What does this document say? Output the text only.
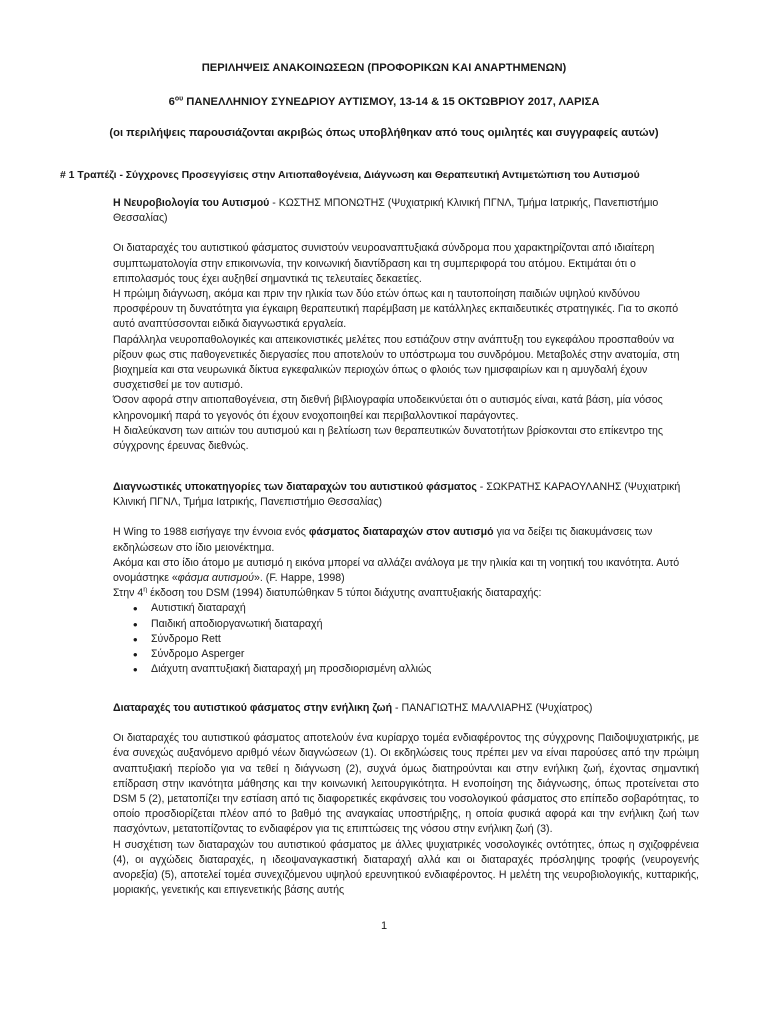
ΠΕΡΙΛΗΨΕΙΣ ΑΝΑΚΟΙΝΩΣΕΩΝ (ΠΡΟΦΟΡΙΚΩΝ ΚΑΙ ΑΝΑΡΤΗΜΕΝΩΝ)
$6^{o\upsilon}$ ΠΑΝΕΛΛΗΝΙΟΥ ΣΥΝΕΔΡΙΟΥ ΑΥΤΙΣΜΟΥ, 13-14 & 15 ΟΚΤΩΒΡΙΟΥ 2017, ΛΑΡΙΣΑ
(οι περιλήψεις παρουσιάζονται ακριβώς όπως υποβλήθηκαν από τους ομιλητές και συγγραφείς αυτών)
# 1 Τραπέζι - Σύγχρονες Προσεγγίσεις στην Αιτιοπαθογένεια, Διάγνωση και Θεραπευτική Αντιμετώπιση του Αυτισμού

Η Νευροβιολογία του Αυτισμού - ΚΩΣΤΗΣ ΜΠΟΝΩΤΗΣ (Ψυχιατρική Κλινική ΠΓΝΛ, Τμήμα Ιατρικής, Πανεπιστήμιο Θεσσαλίας)

Οι διαταραχές του αυτιστικού φάσματος συνιστούν νευροαναπτυξιακά σύνδρομα που χαρακτηρίζονται από ιδιαίτερη συμπτωματολογία στην επικοινωνία, την κοινωνική διαντίδραση και τη συμπεριφορά του ατόμου. Εκτιμάται ότι ο επιπολασμός τους έχει αυξηθεί σημαντικά τις τελευταίες δεκαετίες.

Η πρώιμη διάγνωση, ακόμα και πριν την ηλικία των δύο ετών όπως και η ταυτοποίηση παιδιών υψηλού κινδύνου προσφέρουν τη δυνατότητα για έγκαιρη θεραπευτική παρέμβαση με κατάλληλες εκπαιδευτικές στρατηγικές. Για το σκοπό αυτό αναπτύσσονται ειδικά διαγνωστικά εργαλεία.

Παράλληλα νευροπαθολογικές και απεικονιστικές μελέτες που εστιάζουν στην ανάπτυξη του εγκεφάλου προσπαθούν να ρίξουν φως στις παθογενετικές διεργασίες που αποτελούν το υπόστρωμα του συνδρόμου. Μεταβολές στην ανατομία, στη βιοχημεία και στα νευρωνικά δίκτυα εγκεφαλικών περιοχών όπως ο φλοιός των ημισφαιρίων και η αμυγδαλή έχουν συσχετισθεί με τον αυτισμό.

Όσον αφορά στην αιτιοπαθογένεια, στη διεθνή βιβλιογραφία υποδεικνύεται ότι ο αυτισμός είναι, κατά βάση, μία νόσος κληρονομική παρά το γεγονός ότι έχουν ενοχοποιηθεί και περιβαλλοντικοί παράγοντες.

Η διαλεύκανση των αιτιών του αυτισμού και η βελτίωση των θεραπευτικών δυνατοτήτων βρίσκονται στο επίκεντρο της σύγχρονης έρευνας διεθνώς.

Διαγνωστικές υποκατηγορίες των διαταραχών του αυτιστικού φάσματος - ΣΩΚΡΑΤΗΣ ΚΑΡΑΟΥΛΑΝΗΣ (Ψυχιατρική Κλινική ΠΓΝΛ, Τμήμα Ιατρικής, Πανεπιστήμιο Θεσσαλίας)

Η Wing το 1988 εισήγαγε την έννοια ενός φάσματος διαταραχών στον αυτισμό για να δείξει τις διακυμάνσεις των εκδηλώσεων στο ίδιο μειονέκτημα.

Ακόμα και στο ίδιο άτομο με αυτισμό η εικόνα μπορεί να αλλάζει ανάλογα με την ηλικία και τη νοητική του ικανότητα. Αυτό ονομάστηκε «φάσμα αυτισμού». (F. Happe, 1998)

Στην $4^\eta$ έκδοση του DSM (1994) διατυπώθηκαν 5 τύποι διάχυτης αναπτυξιακής διαταραχής:

• Αυτιστική διαταραχή
• Παιδική αποδιοργανωτική διαταραχή
• Σύνδρομο Rett
• Σύνδρομο Asperger
• Διάχυτη αναπτυξιακή διαταραχή μη προσδιορισμένη αλλιώς

Διαταραχές του αυτιστικού φάσματος στην ενήλικη ζωή - ΠΑΝΑΓΙΩΤΗΣ ΜΑΛΛΙΑΡΗΣ (Ψυχίατρος)

Οι διαταραχές του αυτιστικού φάσματος αποτελούν ένα κυρίαρχο τομέα ενδιαφέροντος της σύγχρονης Παιδοψυχιατρικής, με ένα συνεχώς αυξανόμενο αριθμό νέων διαγνώσεων (1). Οι εκδηλώσεις τους πρέπει μεν να είναι παρούσες από την πρώιμη αναπτυξιακή περίοδο για να τεθεί η διάγνωση (2), συχνά όμως διατηρούνται και στην ενήλικη ζωή, έχοντας σημαντική επίδραση στην ικανότητα μάθησης και την κοινωνική λειτουργικότητα. Η ενοποίηση της διάγνωσης, όπως προτείνεται στο DSM 5 (2), μετατοπίζει την εστίαση από τις διαφορετικές εκφάνσεις του νοσολογικού φάσματος στο επίπεδο σοβαρότητας, το οποίο προσδιορίζεται πλέον από το βαθμό της αναγκαίας υποστήριξης, η οποία φυσικά αφορά και την ενήλικη ζωή των πασχόντων, μετατοπίζοντας το ενδιαφέρον για τις επιπτώσεις της νόσου στην ενήλικη ζωή (3).

Η συσχέτιση των διαταραχών του αυτιστικού φάσματος με άλλες ψυχιατρικές νοσολογικές οντότητες, όπως η σχιζοφρένεια (4), οι αγχώδεις διαταραχές, η ιδεοψαναγκαστική διαταραχή αλλά και οι διαταραχές πρόσληψης τροφής (νευρογενής ανορεξία) (5), αποτελεί τομέα συνεχιζόμενου υψηλού ερευνητικού ενδιαφέροντος. Η μελέτη της νευροβιολογικής, κυτταρικής, μοριακής, γενετικής και επιγενετικής βάσης αυτής

1
